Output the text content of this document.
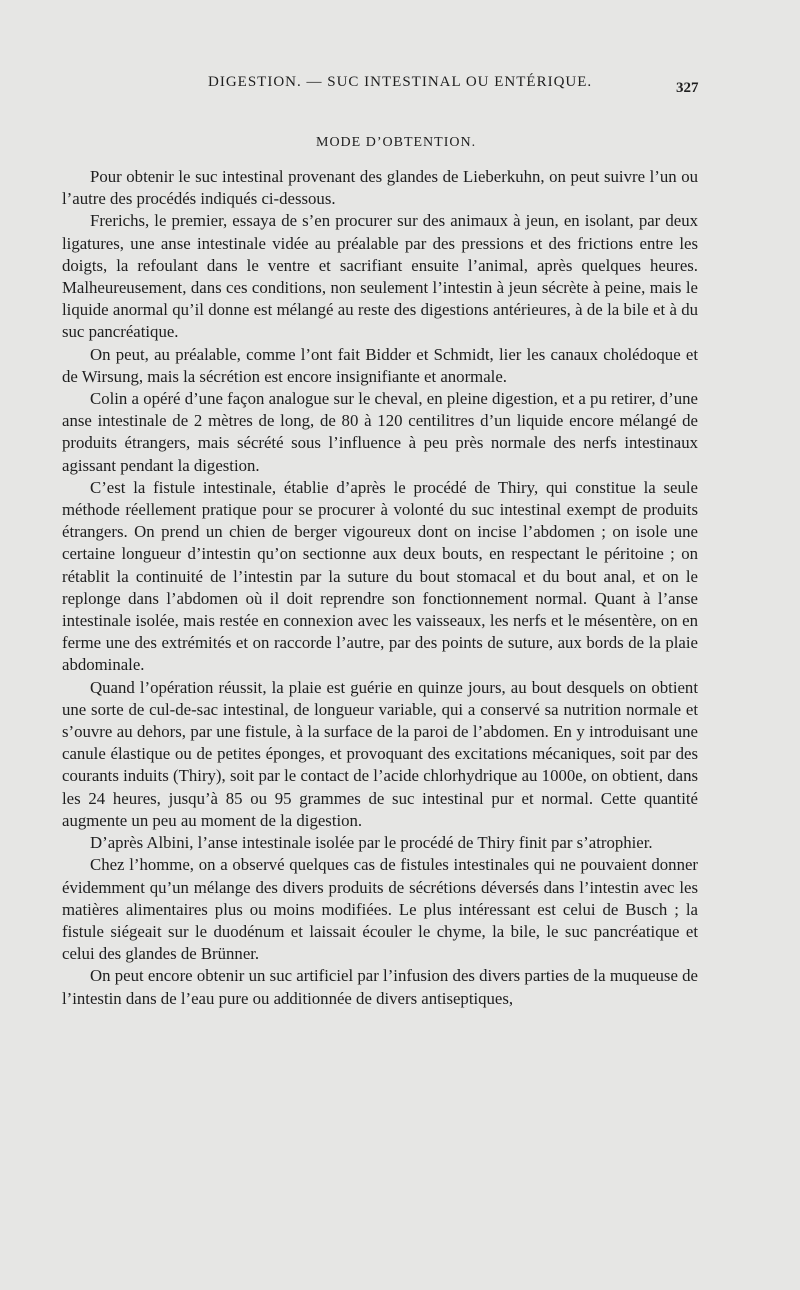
DIGESTION. — SUC INTESTINAL OU ENTÉRIQUE.	327
MODE D’OBTENTION.

Pour obtenir le suc intestinal provenant des glandes de Lieberkuhn, on peut suivre l’un ou l’autre des procédés indiqués ci-dessous.

Frerichs, le premier, essaya de s’en procurer sur des animaux à jeun, en isolant, par deux ligatures, une anse intestinale vidée au préalable par des pressions et des frictions entre les doigts, la refoulant dans le ventre et sacrifiant ensuite l’animal, après quelques heures. Malheureusement, dans ces conditions, non seulement l’intestin à jeun sécrète à peine, mais le liquide anormal qu’il donne est mélangé au reste des digestions antérieures, à de la bile et à du suc pancréatique.

On peut, au préalable, comme l’ont fait Bidder et Schmidt, lier les canaux cholédoque et de Wirsung, mais la sécrétion est encore insignifiante et anormale.

Colin a opéré d’une façon analogue sur le cheval, en pleine digestion, et a pu retirer, d’une anse intestinale de 2 mètres de long, de 80 à 120 centilitres d’un liquide encore mélangé de produits étrangers, mais sécrété sous l’influence à peu près normale des nerfs intestinaux agissant pendant la digestion.

C’est la fistule intestinale, établie d’après le procédé de Thiry, qui constitue la seule méthode réellement pratique pour se procurer à volonté du suc intestinal exempt de produits étrangers. On prend un chien de berger vigoureux dont on incise l’abdomen ; on isole une certaine longueur d’intestin qu’on sectionne aux deux bouts, en respectant le péritoine ; on rétablit la continuité de l’intestin par la suture du bout stomacal et du bout anal, et on le replonge dans l’abdomen où il doit reprendre son fonctionnement normal. Quant à l’anse intestinale isolée, mais restée en connexion avec les vaisseaux, les nerfs et le mésentère, on en ferme une des extrémités et on raccorde l’autre, par des points de suture, aux bords de la plaie abdominale.

Quand l’opération réussit, la plaie est guérie en quinze jours, au bout desquels on obtient une sorte de cul-de-sac intestinal, de longueur variable, qui a conservé sa nutrition normale et s’ouvre au dehors, par une fistule, à la surface de la paroi de l’abdomen. En y introduisant une canule élastique ou de petites éponges, et provoquant des excitations mécaniques, soit par des courants induits (Thiry), soit par le contact de l’acide chlorhydrique au 1000e, on obtient, dans les 24 heures, jusqu’à 85 ou 95 grammes de suc intestinal pur et normal. Cette quantité augmente un peu au moment de la digestion.

D’après Albini, l’anse intestinale isolée par le procédé de Thiry finit par s’atrophier.

Chez l’homme, on a observé quelques cas de fistules intestinales qui ne pouvaient donner évidemment qu’un mélange des divers produits de sécrétions déversés dans l’intestin avec les matières alimentaires plus ou moins modifiées. Le plus intéressant est celui de Busch ; la fistule siégeait sur le duodénum et laissait écouler le chyme, la bile, le suc pancréatique et celui des glandes de Brünner.

On peut encore obtenir un suc artificiel par l’infusion des divers parties de la muqueuse de l’intestin dans de l’eau pure ou additionnée de divers antiseptiques,
